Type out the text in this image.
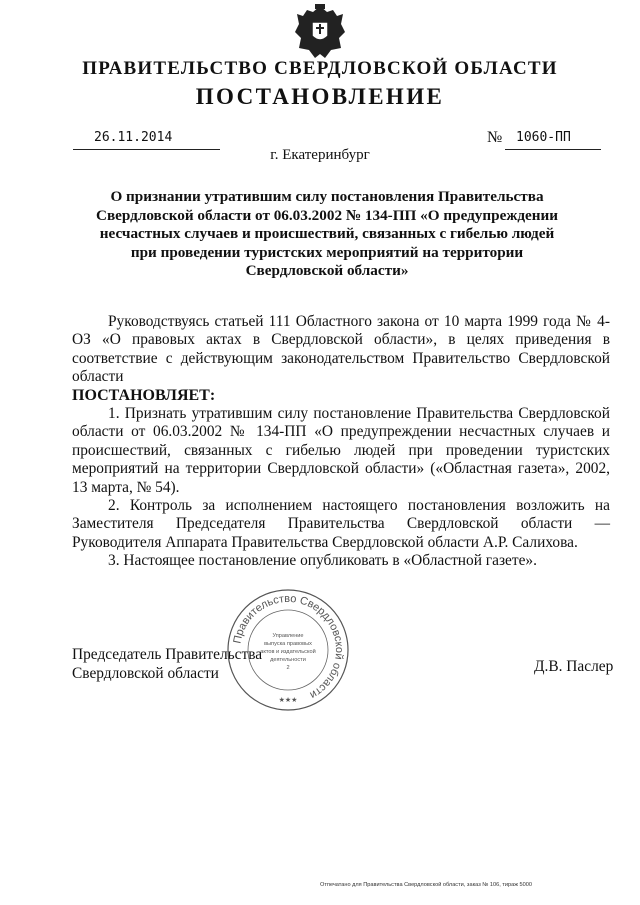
ПРАВИТЕЛЬСТВО СВЕРДЛОВСКОЙ ОБЛАСТИ
ПОСТАНОВЛЕНИЕ
26.11.2014	№ 1060-ПП
г. Екатеринбург
О признании утратившим силу постановления Правительства
Свердловской области от 06.03.2002 № 134-ПП «О предупреждении
несчастных случаев и происшествий, связанных с гибелью людей
при проведении туристских мероприятий на территории
Свердловской области»

Руководствуясь статьей 111 Областного закона от 10 марта 1999 года № 4-ОЗ «О правовых актах в Свердловской области», в целях приведения в соответствие с действующим законодательством Правительство Свердловской области

ПОСТАНОВЛЯЕТ:

1. Признать утратившим силу постановление Правительства Свердловской области от 06.03.2002 № 134-ПП «О предупреждении несчастных случаев и происшествий, связанных с гибелью людей при проведении туристских мероприятий на территории Свердловской области» («Областная газета», 2002, 13 марта, № 54).

2. Контроль за исполнением настоящего постановления возложить на Заместителя Председателя Правительства Свердловской области — Руководителя Аппарата Правительства Свердловской области А.Р. Салихова.

3. Настоящее постановление опубликовать в «Областной газете».

Председатель Правительства
Свердловской области	Д.В. Паслер
Правительство Свердловской области
Управление
выпуска правовых
актов и издательской
деятельности
2
★★★
Отпечатано для Правительства Свердловской области, заказ № 106, тираж 5000
